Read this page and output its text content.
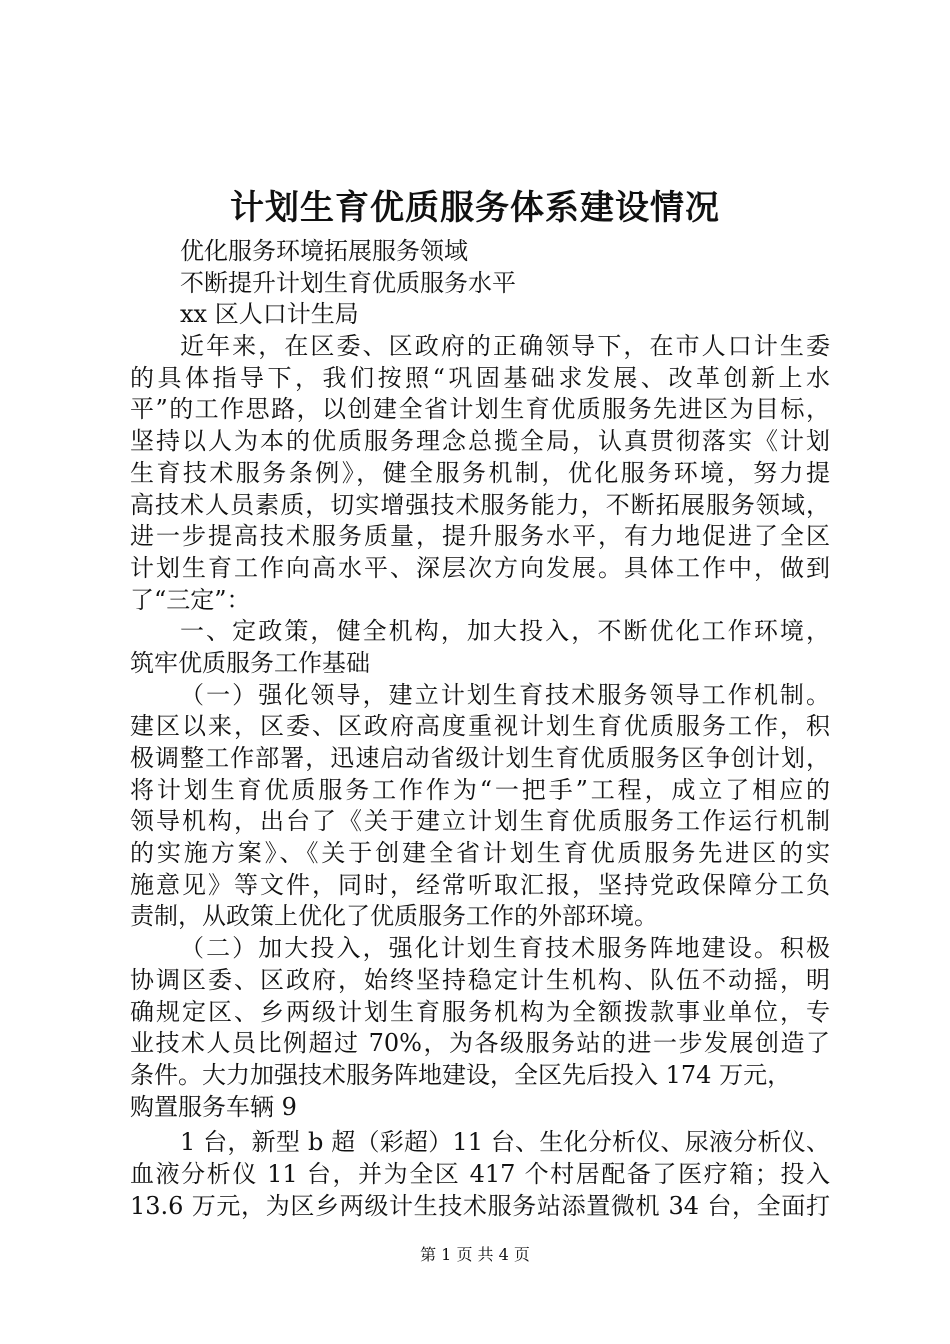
计划生育优质服务体系建设情况
优化服务环境拓展服务领域
不断提升计划生育优质服务水平
xx 区人口计生局
近年来，在区委、区政府的正确领导下，在市人口计生委
的具体指导下，我们按照“巩固基础求发展、改革创新上水
平”的工作思路，以创建全省计划生育优质服务先进区为目标，
坚持以人为本的优质服务理念总揽全局，认真贯彻落实《计划
生育技术服务条例》，健全服务机制，优化服务环境，努力提
高技术人员素质，切实增强技术服务能力，不断拓展服务领域，
进一步提高技术服务质量，提升服务水平，有力地促进了全区
计划生育工作向高水平、深层次方向发展。具体工作中，做到
了“三定”：
一、定政策，健全机构，加大投入，不断优化工作环境，
筑牢优质服务工作基础
（一）强化领导，建立计划生育技术服务领导工作机制。
建区以来，区委、区政府高度重视计划生育优质服务工作，积
极调整工作部署，迅速启动省级计划生育优质服务区争创计划，
将计划生育优质服务工作作为“一把手”工程，成立了相应的
领导机构，出台了《关于建立计划生育优质服务工作运行机制
的实施方案》、《关于创建全省计划生育优质服务先进区的实
施意见》等文件，同时，经常听取汇报，坚持党政保障分工负
责制，从政策上优化了优质服务工作的外部环境。
（二）加大投入，强化计划生育技术服务阵地建设。积极
协调区委、区政府，始终坚持稳定计生机构、队伍不动摇，明
确规定区、乡两级计划生育服务机构为全额拨款事业单位，专
业技术人员比例超过 70%，为各级服务站的进一步发展创造了
条件。大力加强技术服务阵地建设，全区先后投入 174 万元，
购置服务车辆 9
1 台，新型 b 超（彩超）11 台、生化分析仪、尿液分析仪、
血液分析仪 11 台，并为全区 417 个村居配备了医疗箱；投入
13.6 万元，为区乡两级计生技术服务站添置微机 34 台，全面打
第 1 页 共 4 页
